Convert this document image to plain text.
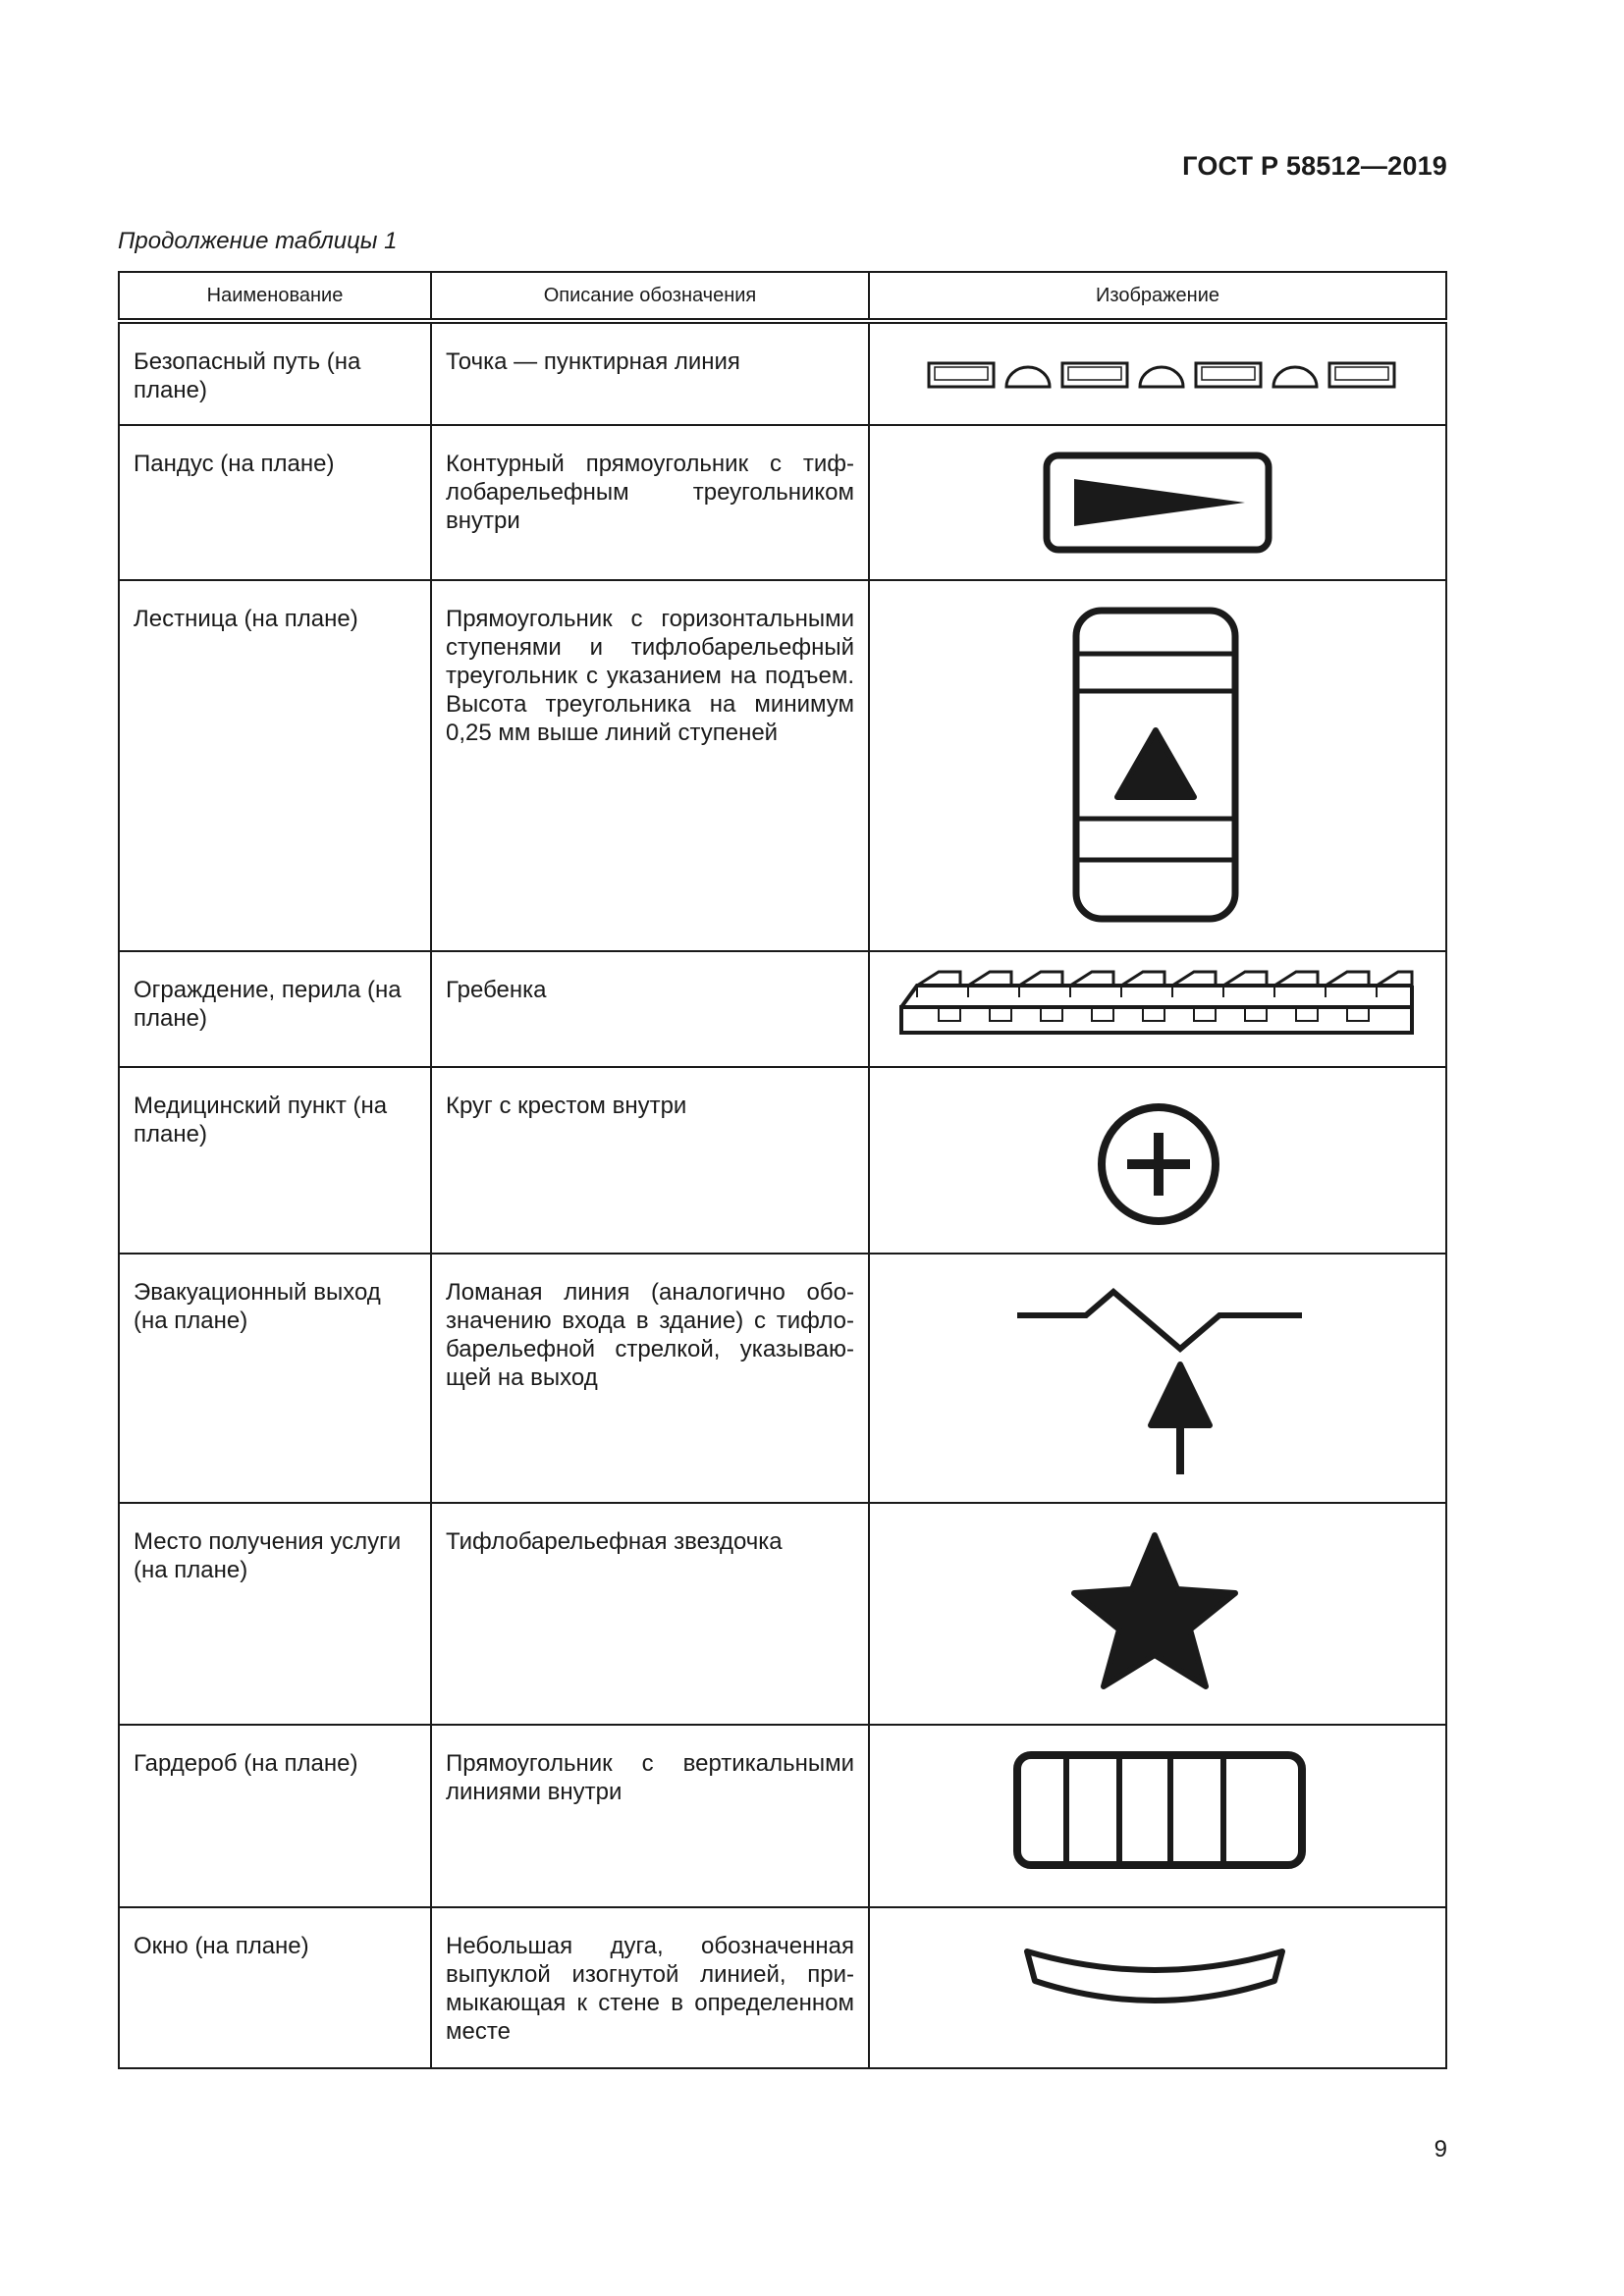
ГОСТ Р 58512—2019
Продолжение таблицы 1
Наименование	Описание обозначения	Изображение
Безопасный путь (на плане)	Точка — пунктирная линия	

Пандус (на плане)	Контурный прямоугольник с тифлобарельефным треугольником внутри	

Лестница (на плане)	Прямоугольник с горизонтальными ступенями и тифлобарельефный треугольник с указанием на подъем. Высота треугольника на минимум 0,25 мм выше линий ступеней	

Ограждение, перила (на плане)	Гребенка	

Медицинский пункт (на плане)	Круг с крестом внутри	

Эвакуационный выход (на плане)	Ломаная линия (аналогично обозначению входа в здание) с тифлобарельефной стрелкой, указывающей на выход	

Место получения услуги (на плане)	Тифлобарельефная звездочка	

Гардероб (на плане)	Прямоугольник с вертикальными линиями внутри	

Окно (на плане)	Небольшая дуга, обозначенная выпуклой изогнутой линией, примыкающая к стене в определенном месте	
9
